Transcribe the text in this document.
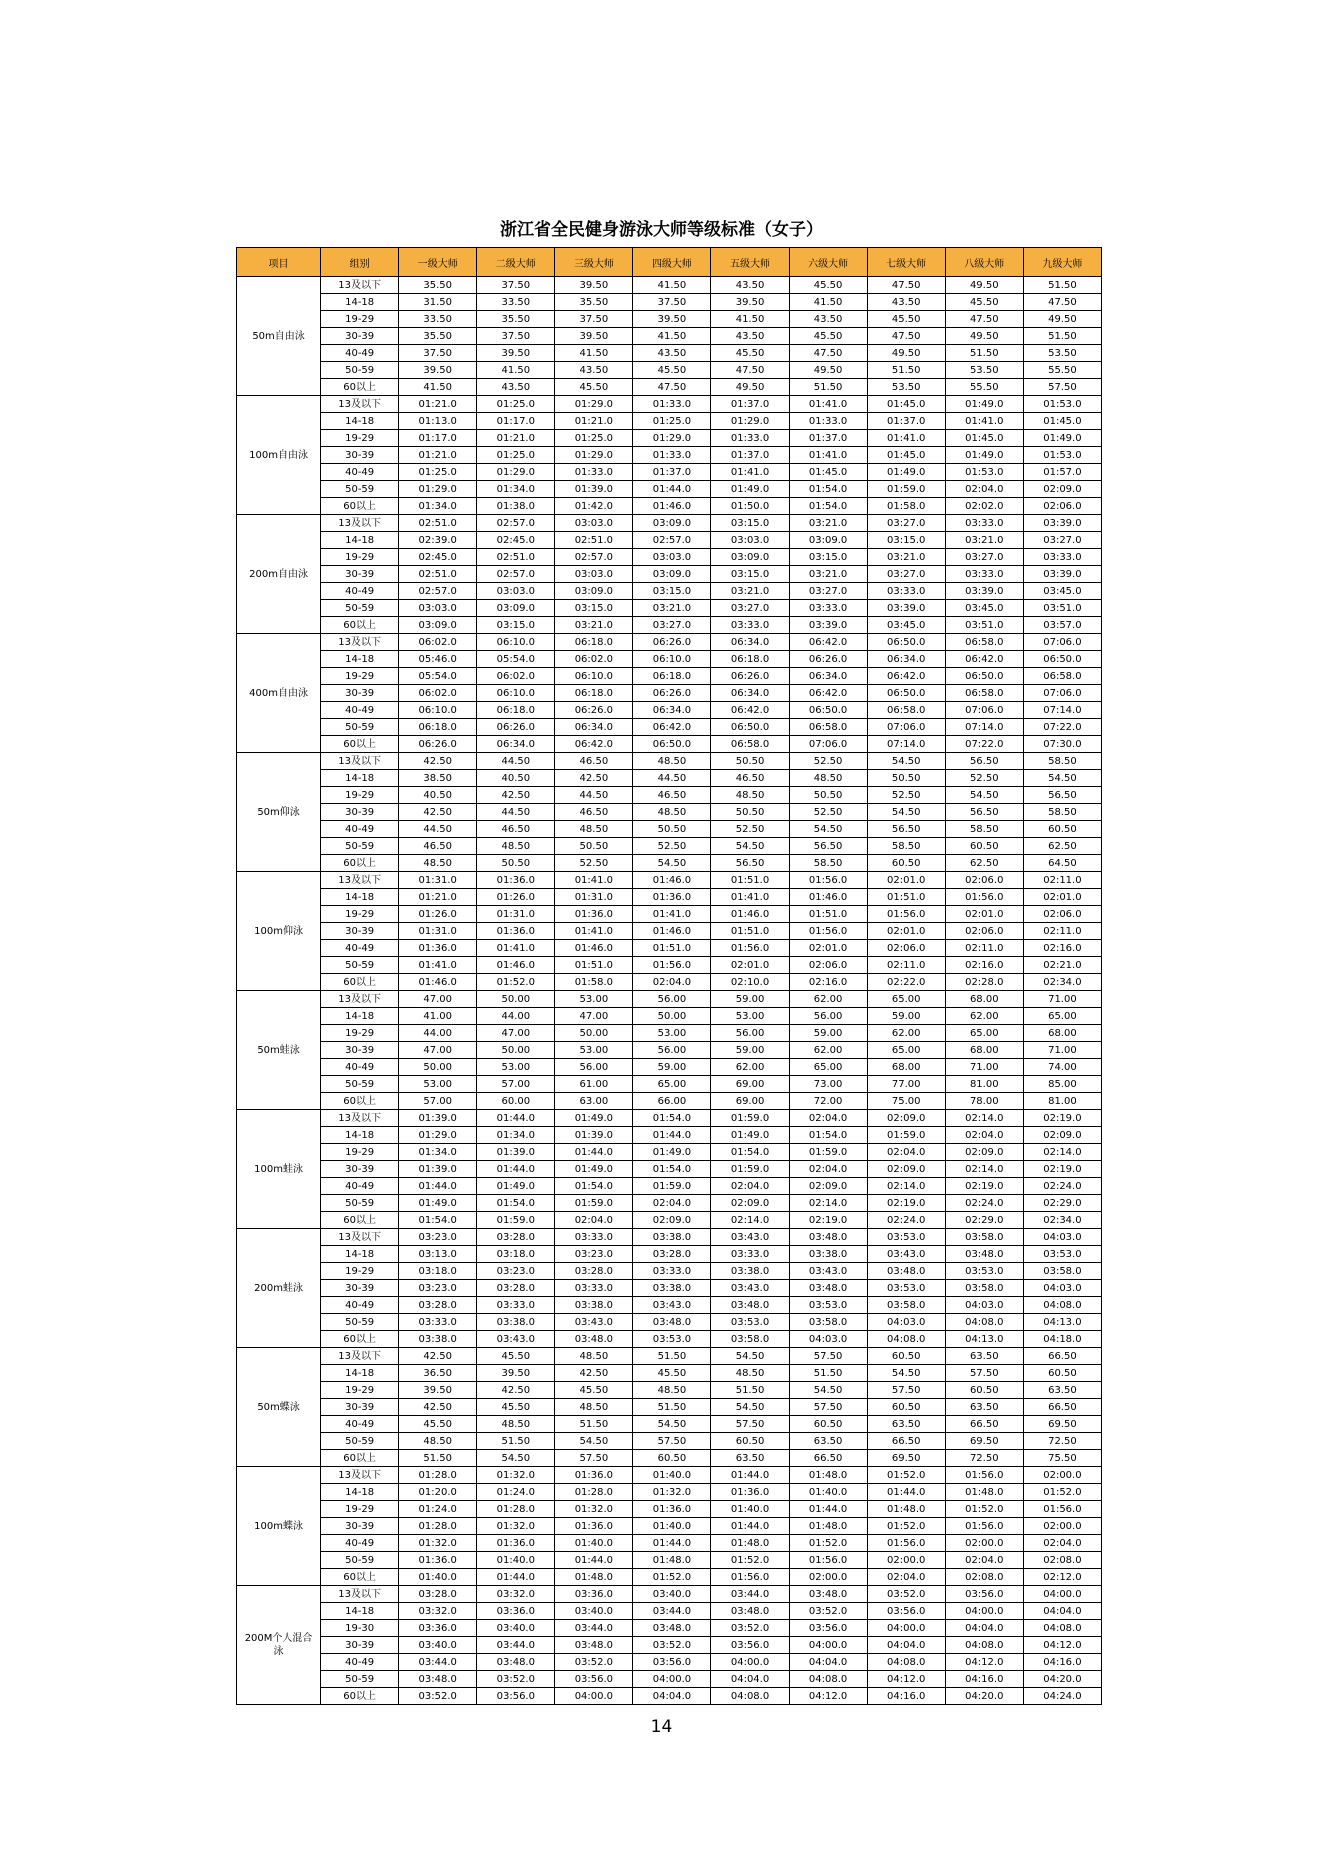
浙江省全民健身游泳大师等级标准（女子）
项目	组别	一级大师	二级大师	三级大师	四级大师	五级大师	六级大师	七级大师	八级大师	九级大师
50m自由泳	13及以下	35.50	37.50	39.50	41.50	43.50	45.50	47.50	49.50	51.50
	14-18	31.50	33.50	35.50	37.50	39.50	41.50	43.50	45.50	47.50
	19-29	33.50	35.50	37.50	39.50	41.50	43.50	45.50	47.50	49.50
	30-39	35.50	37.50	39.50	41.50	43.50	45.50	47.50	49.50	51.50
	40-49	37.50	39.50	41.50	43.50	45.50	47.50	49.50	51.50	53.50
	50-59	39.50	41.50	43.50	45.50	47.50	49.50	51.50	53.50	55.50
	60以上	41.50	43.50	45.50	47.50	49.50	51.50	53.50	55.50	57.50
100m自由泳	13及以下	01:21.0	01:25.0	01:29.0	01:33.0	01:37.0	01:41.0	01:45.0	01:49.0	01:53.0
	14-18	01:13.0	01:17.0	01:21.0	01:25.0	01:29.0	01:33.0	01:37.0	01:41.0	01:45.0
	19-29	01:17.0	01:21.0	01:25.0	01:29.0	01:33.0	01:37.0	01:41.0	01:45.0	01:49.0
	30-39	01:21.0	01:25.0	01:29.0	01:33.0	01:37.0	01:41.0	01:45.0	01:49.0	01:53.0
	40-49	01:25.0	01:29.0	01:33.0	01:37.0	01:41.0	01:45.0	01:49.0	01:53.0	01:57.0
	50-59	01:29.0	01:34.0	01:39.0	01:44.0	01:49.0	01:54.0	01:59.0	02:04.0	02:09.0
	60以上	01:34.0	01:38.0	01:42.0	01:46.0	01:50.0	01:54.0	01:58.0	02:02.0	02:06.0
200m自由泳	13及以下	02:51.0	02:57.0	03:03.0	03:09.0	03:15.0	03:21.0	03:27.0	03:33.0	03:39.0
	14-18	02:39.0	02:45.0	02:51.0	02:57.0	03:03.0	03:09.0	03:15.0	03:21.0	03:27.0
	19-29	02:45.0	02:51.0	02:57.0	03:03.0	03:09.0	03:15.0	03:21.0	03:27.0	03:33.0
	30-39	02:51.0	02:57.0	03:03.0	03:09.0	03:15.0	03:21.0	03:27.0	03:33.0	03:39.0
	40-49	02:57.0	03:03.0	03:09.0	03:15.0	03:21.0	03:27.0	03:33.0	03:39.0	03:45.0
	50-59	03:03.0	03:09.0	03:15.0	03:21.0	03:27.0	03:33.0	03:39.0	03:45.0	03:51.0
	60以上	03:09.0	03:15.0	03:21.0	03:27.0	03:33.0	03:39.0	03:45.0	03:51.0	03:57.0
400m自由泳	13及以下	06:02.0	06:10.0	06:18.0	06:26.0	06:34.0	06:42.0	06:50.0	06:58.0	07:06.0
	14-18	05:46.0	05:54.0	06:02.0	06:10.0	06:18.0	06:26.0	06:34.0	06:42.0	06:50.0
	19-29	05:54.0	06:02.0	06:10.0	06:18.0	06:26.0	06:34.0	06:42.0	06:50.0	06:58.0
	30-39	06:02.0	06:10.0	06:18.0	06:26.0	06:34.0	06:42.0	06:50.0	06:58.0	07:06.0
	40-49	06:10.0	06:18.0	06:26.0	06:34.0	06:42.0	06:50.0	06:58.0	07:06.0	07:14.0
	50-59	06:18.0	06:26.0	06:34.0	06:42.0	06:50.0	06:58.0	07:06.0	07:14.0	07:22.0
	60以上	06:26.0	06:34.0	06:42.0	06:50.0	06:58.0	07:06.0	07:14.0	07:22.0	07:30.0
50m仰泳	13及以下	42.50	44.50	46.50	48.50	50.50	52.50	54.50	56.50	58.50
	14-18	38.50	40.50	42.50	44.50	46.50	48.50	50.50	52.50	54.50
	19-29	40.50	42.50	44.50	46.50	48.50	50.50	52.50	54.50	56.50
	30-39	42.50	44.50	46.50	48.50	50.50	52.50	54.50	56.50	58.50
	40-49	44.50	46.50	48.50	50.50	52.50	54.50	56.50	58.50	60.50
	50-59	46.50	48.50	50.50	52.50	54.50	56.50	58.50	60.50	62.50
	60以上	48.50	50.50	52.50	54.50	56.50	58.50	60.50	62.50	64.50
100m仰泳	13及以下	01:31.0	01:36.0	01:41.0	01:46.0	01:51.0	01:56.0	02:01.0	02:06.0	02:11.0
	14-18	01:21.0	01:26.0	01:31.0	01:36.0	01:41.0	01:46.0	01:51.0	01:56.0	02:01.0
	19-29	01:26.0	01:31.0	01:36.0	01:41.0	01:46.0	01:51.0	01:56.0	02:01.0	02:06.0
	30-39	01:31.0	01:36.0	01:41.0	01:46.0	01:51.0	01:56.0	02:01.0	02:06.0	02:11.0
	40-49	01:36.0	01:41.0	01:46.0	01:51.0	01:56.0	02:01.0	02:06.0	02:11.0	02:16.0
	50-59	01:41.0	01:46.0	01:51.0	01:56.0	02:01.0	02:06.0	02:11.0	02:16.0	02:21.0
	60以上	01:46.0	01:52.0	01:58.0	02:04.0	02:10.0	02:16.0	02:22.0	02:28.0	02:34.0
50m蛙泳	13及以下	47.00	50.00	53.00	56.00	59.00	62.00	65.00	68.00	71.00
	14-18	41.00	44.00	47.00	50.00	53.00	56.00	59.00	62.00	65.00
	19-29	44.00	47.00	50.00	53.00	56.00	59.00	62.00	65.00	68.00
	30-39	47.00	50.00	53.00	56.00	59.00	62.00	65.00	68.00	71.00
	40-49	50.00	53.00	56.00	59.00	62.00	65.00	68.00	71.00	74.00
	50-59	53.00	57.00	61.00	65.00	69.00	73.00	77.00	81.00	85.00
	60以上	57.00	60.00	63.00	66.00	69.00	72.00	75.00	78.00	81.00
100m蛙泳	13及以下	01:39.0	01:44.0	01:49.0	01:54.0	01:59.0	02:04.0	02:09.0	02:14.0	02:19.0
	14-18	01:29.0	01:34.0	01:39.0	01:44.0	01:49.0	01:54.0	01:59.0	02:04.0	02:09.0
	19-29	01:34.0	01:39.0	01:44.0	01:49.0	01:54.0	01:59.0	02:04.0	02:09.0	02:14.0
	30-39	01:39.0	01:44.0	01:49.0	01:54.0	01:59.0	02:04.0	02:09.0	02:14.0	02:19.0
	40-49	01:44.0	01:49.0	01:54.0	01:59.0	02:04.0	02:09.0	02:14.0	02:19.0	02:24.0
	50-59	01:49.0	01:54.0	01:59.0	02:04.0	02:09.0	02:14.0	02:19.0	02:24.0	02:29.0
	60以上	01:54.0	01:59.0	02:04.0	02:09.0	02:14.0	02:19.0	02:24.0	02:29.0	02:34.0
200m蛙泳	13及以下	03:23.0	03:28.0	03:33.0	03:38.0	03:43.0	03:48.0	03:53.0	03:58.0	04:03.0
	14-18	03:13.0	03:18.0	03:23.0	03:28.0	03:33.0	03:38.0	03:43.0	03:48.0	03:53.0
	19-29	03:18.0	03:23.0	03:28.0	03:33.0	03:38.0	03:43.0	03:48.0	03:53.0	03:58.0
	30-39	03:23.0	03:28.0	03:33.0	03:38.0	03:43.0	03:48.0	03:53.0	03:58.0	04:03.0
	40-49	03:28.0	03:33.0	03:38.0	03:43.0	03:48.0	03:53.0	03:58.0	04:03.0	04:08.0
	50-59	03:33.0	03:38.0	03:43.0	03:48.0	03:53.0	03:58.0	04:03.0	04:08.0	04:13.0
	60以上	03:38.0	03:43.0	03:48.0	03:53.0	03:58.0	04:03.0	04:08.0	04:13.0	04:18.0
50m蝶泳	13及以下	42.50	45.50	48.50	51.50	54.50	57.50	60.50	63.50	66.50
	14-18	36.50	39.50	42.50	45.50	48.50	51.50	54.50	57.50	60.50
	19-29	39.50	42.50	45.50	48.50	51.50	54.50	57.50	60.50	63.50
	30-39	42.50	45.50	48.50	51.50	54.50	57.50	60.50	63.50	66.50
	40-49	45.50	48.50	51.50	54.50	57.50	60.50	63.50	66.50	69.50
	50-59	48.50	51.50	54.50	57.50	60.50	63.50	66.50	69.50	72.50
	60以上	51.50	54.50	57.50	60.50	63.50	66.50	69.50	72.50	75.50
100m蝶泳	13及以下	01:28.0	01:32.0	01:36.0	01:40.0	01:44.0	01:48.0	01:52.0	01:56.0	02:00.0
	14-18	01:20.0	01:24.0	01:28.0	01:32.0	01:36.0	01:40.0	01:44.0	01:48.0	01:52.0
	19-29	01:24.0	01:28.0	01:32.0	01:36.0	01:40.0	01:44.0	01:48.0	01:52.0	01:56.0
	30-39	01:28.0	01:32.0	01:36.0	01:40.0	01:44.0	01:48.0	01:52.0	01:56.0	02:00.0
	40-49	01:32.0	01:36.0	01:40.0	01:44.0	01:48.0	01:52.0	01:56.0	02:00.0	02:04.0
	50-59	01:36.0	01:40.0	01:44.0	01:48.0	01:52.0	01:56.0	02:00.0	02:04.0	02:08.0
	60以上	01:40.0	01:44.0	01:48.0	01:52.0	01:56.0	02:00.0	02:04.0	02:08.0	02:12.0
200M个人混合泳	13及以下	03:28.0	03:32.0	03:36.0	03:40.0	03:44.0	03:48.0	03:52.0	03:56.0	04:00.0
	14-18	03:32.0	03:36.0	03:40.0	03:44.0	03:48.0	03:52.0	03:56.0	04:00.0	04:04.0
	19-30	03:36.0	03:40.0	03:44.0	03:48.0	03:52.0	03:56.0	04:00.0	04:04.0	04:08.0
	30-39	03:40.0	03:44.0	03:48.0	03:52.0	03:56.0	04:00.0	04:04.0	04:08.0	04:12.0
	40-49	03:44.0	03:48.0	03:52.0	03:56.0	04:00.0	04:04.0	04:08.0	04:12.0	04:16.0
	50-59	03:48.0	03:52.0	03:56.0	04:00.0	04:04.0	04:08.0	04:12.0	04:16.0	04:20.0
	60以上	03:52.0	03:56.0	04:00.0	04:04.0	04:08.0	04:12.0	04:16.0	04:20.0	04:24.0
14
